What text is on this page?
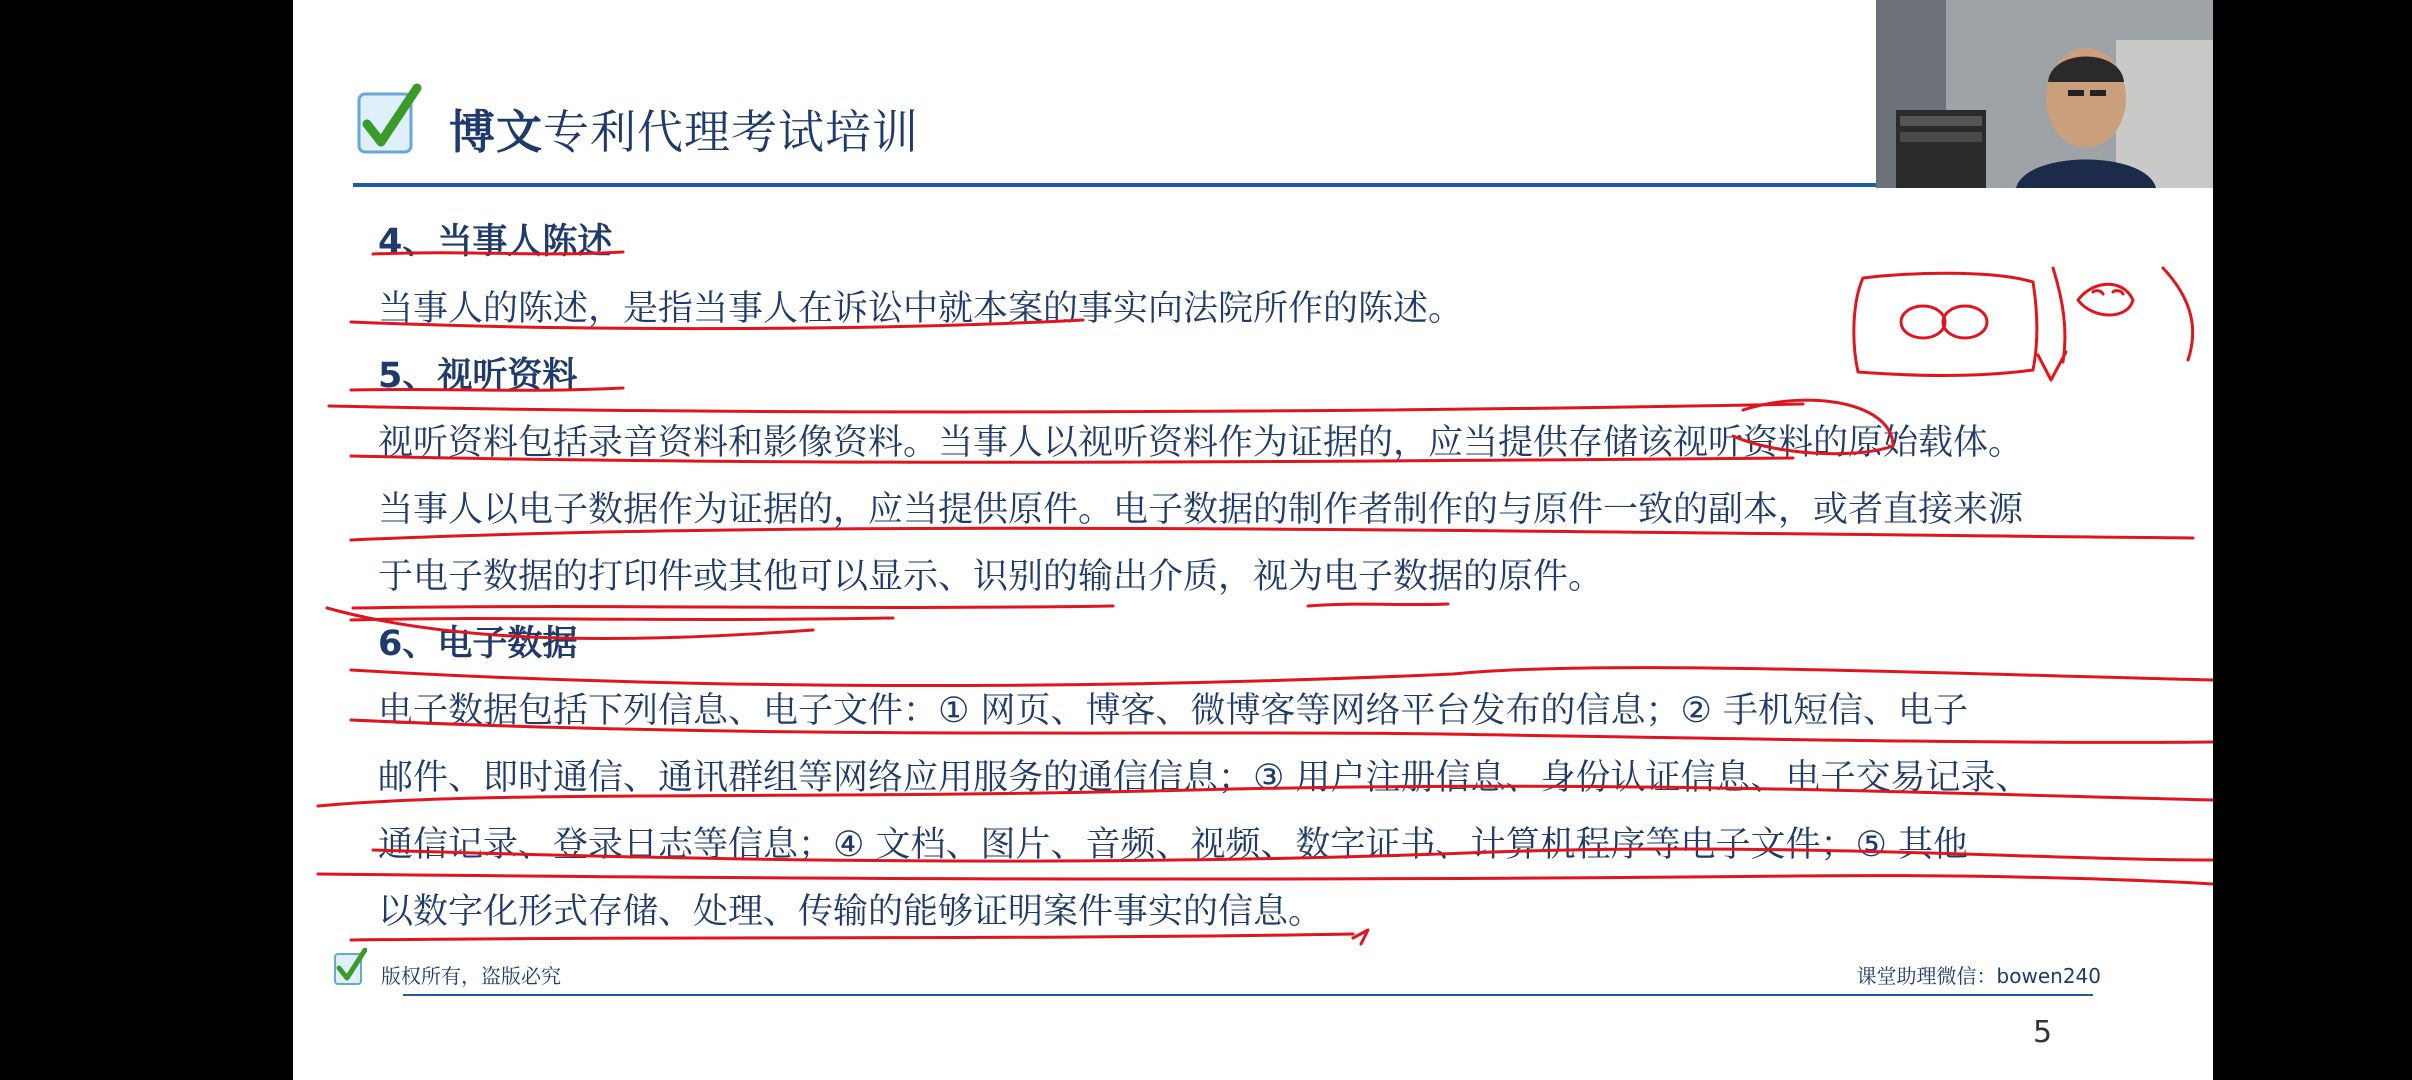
博文专利代理考试培训
4、当事人陈述
当事人的陈述，是指当事人在诉讼中就本案的事实向法院所作的陈述。
5、视听资料
视听资料包括录音资料和影像资料。当事人以视听资料作为证据的，应当提供存储该视听资料的原始载体。
当事人以电子数据作为证据的，应当提供原件。电子数据的制作者制作的与原件一致的副本，或者直接来源
于电子数据的打印件或其他可以显示、识别的输出介质，视为电子数据的原件。
6、电子数据
电子数据包括下列信息、电子文件：① 网页、博客、微博客等网络平台发布的信息；② 手机短信、电子
邮件、即时通信、通讯群组等网络应用服务的通信信息；③ 用户注册信息、身份认证信息、电子交易记录、
通信记录、登录日志等信息；④ 文档、图片、音频、视频、数字证书、计算机程序等电子文件；⑤ 其他
以数字化形式存储、处理、传输的能够证明案件事实的信息。
版权所有，盗版必究	课堂助理微信：bowen240
5
